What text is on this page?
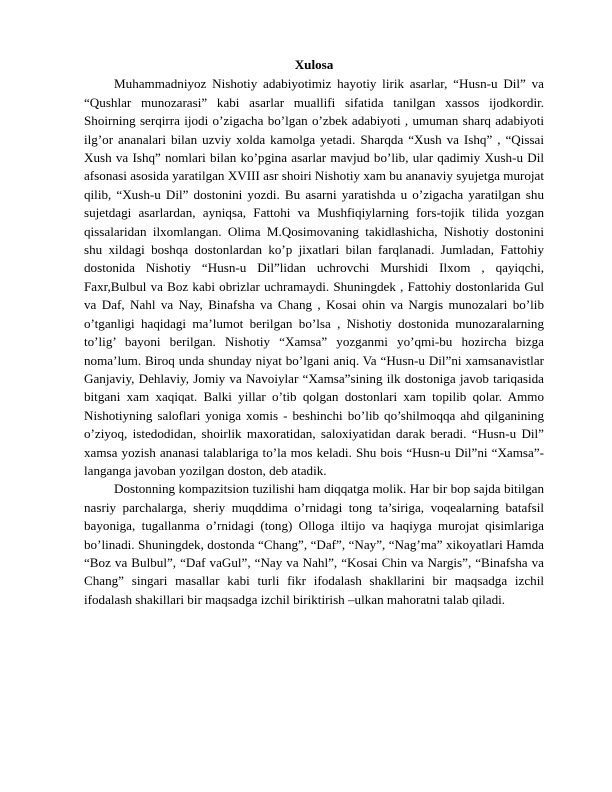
Xulosa

Muhammadniyoz Nishotiy adabiyotimiz hayotiy lirik asarlar, “Husn-u Dil” va “Qushlar munozarasi” kabi asarlar muallifi sifatida tanilgan xassos ijodkordir. Shoirning serqirra ijodi o’zigacha bo’lgan o’zbek adabiyoti , umuman sharq adabiyoti ilg’or ananalari bilan uzviy xolda kamolga yetadi. Sharqda “Xush va Ishq” , “Qissai Xush va Ishq” nomlari bilan ko’pgina asarlar mavjud bo’lib, ular qadimiy Xush-u Dil afsonasi asosida yaratilgan XVIII asr shoiri Nishotiy xam bu ananaviy syujetga murojat qilib, “Xush-u Dil” dostonini yozdi. Bu asarni yaratishda u o’zigacha yaratilgan shu sujetdagi asarlardan, ayniqsa, Fattohi va Mushfiqiylarning fors-tojik tilida yozgan qissalaridan ilxomlangan. Olima M.Qosimovaning takidlashicha, Nishotiy dostonini shu xildagi boshqa dostonlardan ko’p jixatlari bilan farqlanadi. Jumladan, Fattohiy dostonida Nishotiy “Husn-u Dil”lidan uchrovchi Murshidi Ilxom , qayiqchi, Faxr,Bulbul va Boz kabi obrizlar uchramaydi. Shuningdek , Fattohiy dostonlarida Gul va Daf, Nahl va Nay, Binafsha va Chang , Kosai ohin va Nargis munozalari bo’lib o’tganligi haqidagi ma’lumot berilgan bo’lsa , Nishotiy dostonida munozaralarning to’lig’ bayoni berilgan. Nishotiy “Xamsa” yozganmi yo’qmi-bu hozircha bizga noma’lum. Biroq unda shunday niyat bo’lgani aniq. Va “Husn-u Dil”ni xamsanavistlar Ganjaviy, Dehlaviy, Jomiy va Navoiylar “Xamsa”sining ilk dostoniga javob tariqasida bitgani xam xaqiqat. Balki yillar o’tib qolgan dostonlari xam topilib qolar. Ammo Nishotiyning saloflari yoniga xomis - beshinchi bo’lib qo’shilmoqqa ahd qilganining o’ziyoq, istedodidan, shoirlik maxoratidan, saloxiyatidan darak beradi. “Husn-u Dil” xamsa yozish ananasi talablariga to’la mos keladi. Shu bois “Husn-u Dil”ni “Xamsa”-langanga javoban yozilgan doston, deb atadik.

Dostonning kompazitsion tuzilishi ham diqqatga molik. Har bir bop sajda bitilgan nasriy parchalarga, sheriy muqddima o’rnidagi tong ta’siriga, voqealarning batafsil bayoniga, tugallanma o’rnidagi (tong) Olloga iltijo va haqiyga murojat qisimlariga bo’linadi. Shuningdek, dostonda “Chang”, “Daf”, “Nay”, “Nag’ma” xikoyatlari Hamda “Boz va Bulbul”, “Daf vaGul”, “Nay va Nahl”, “Kosai Chin va Nargis”, “Binafsha va Chang” singari masallar kabi turli fikr ifodalash shakllarini bir maqsadga izchil ifodalash shakillari bir maqsadga izchil biriktirish –ulkan mahoratni talab qiladi.
